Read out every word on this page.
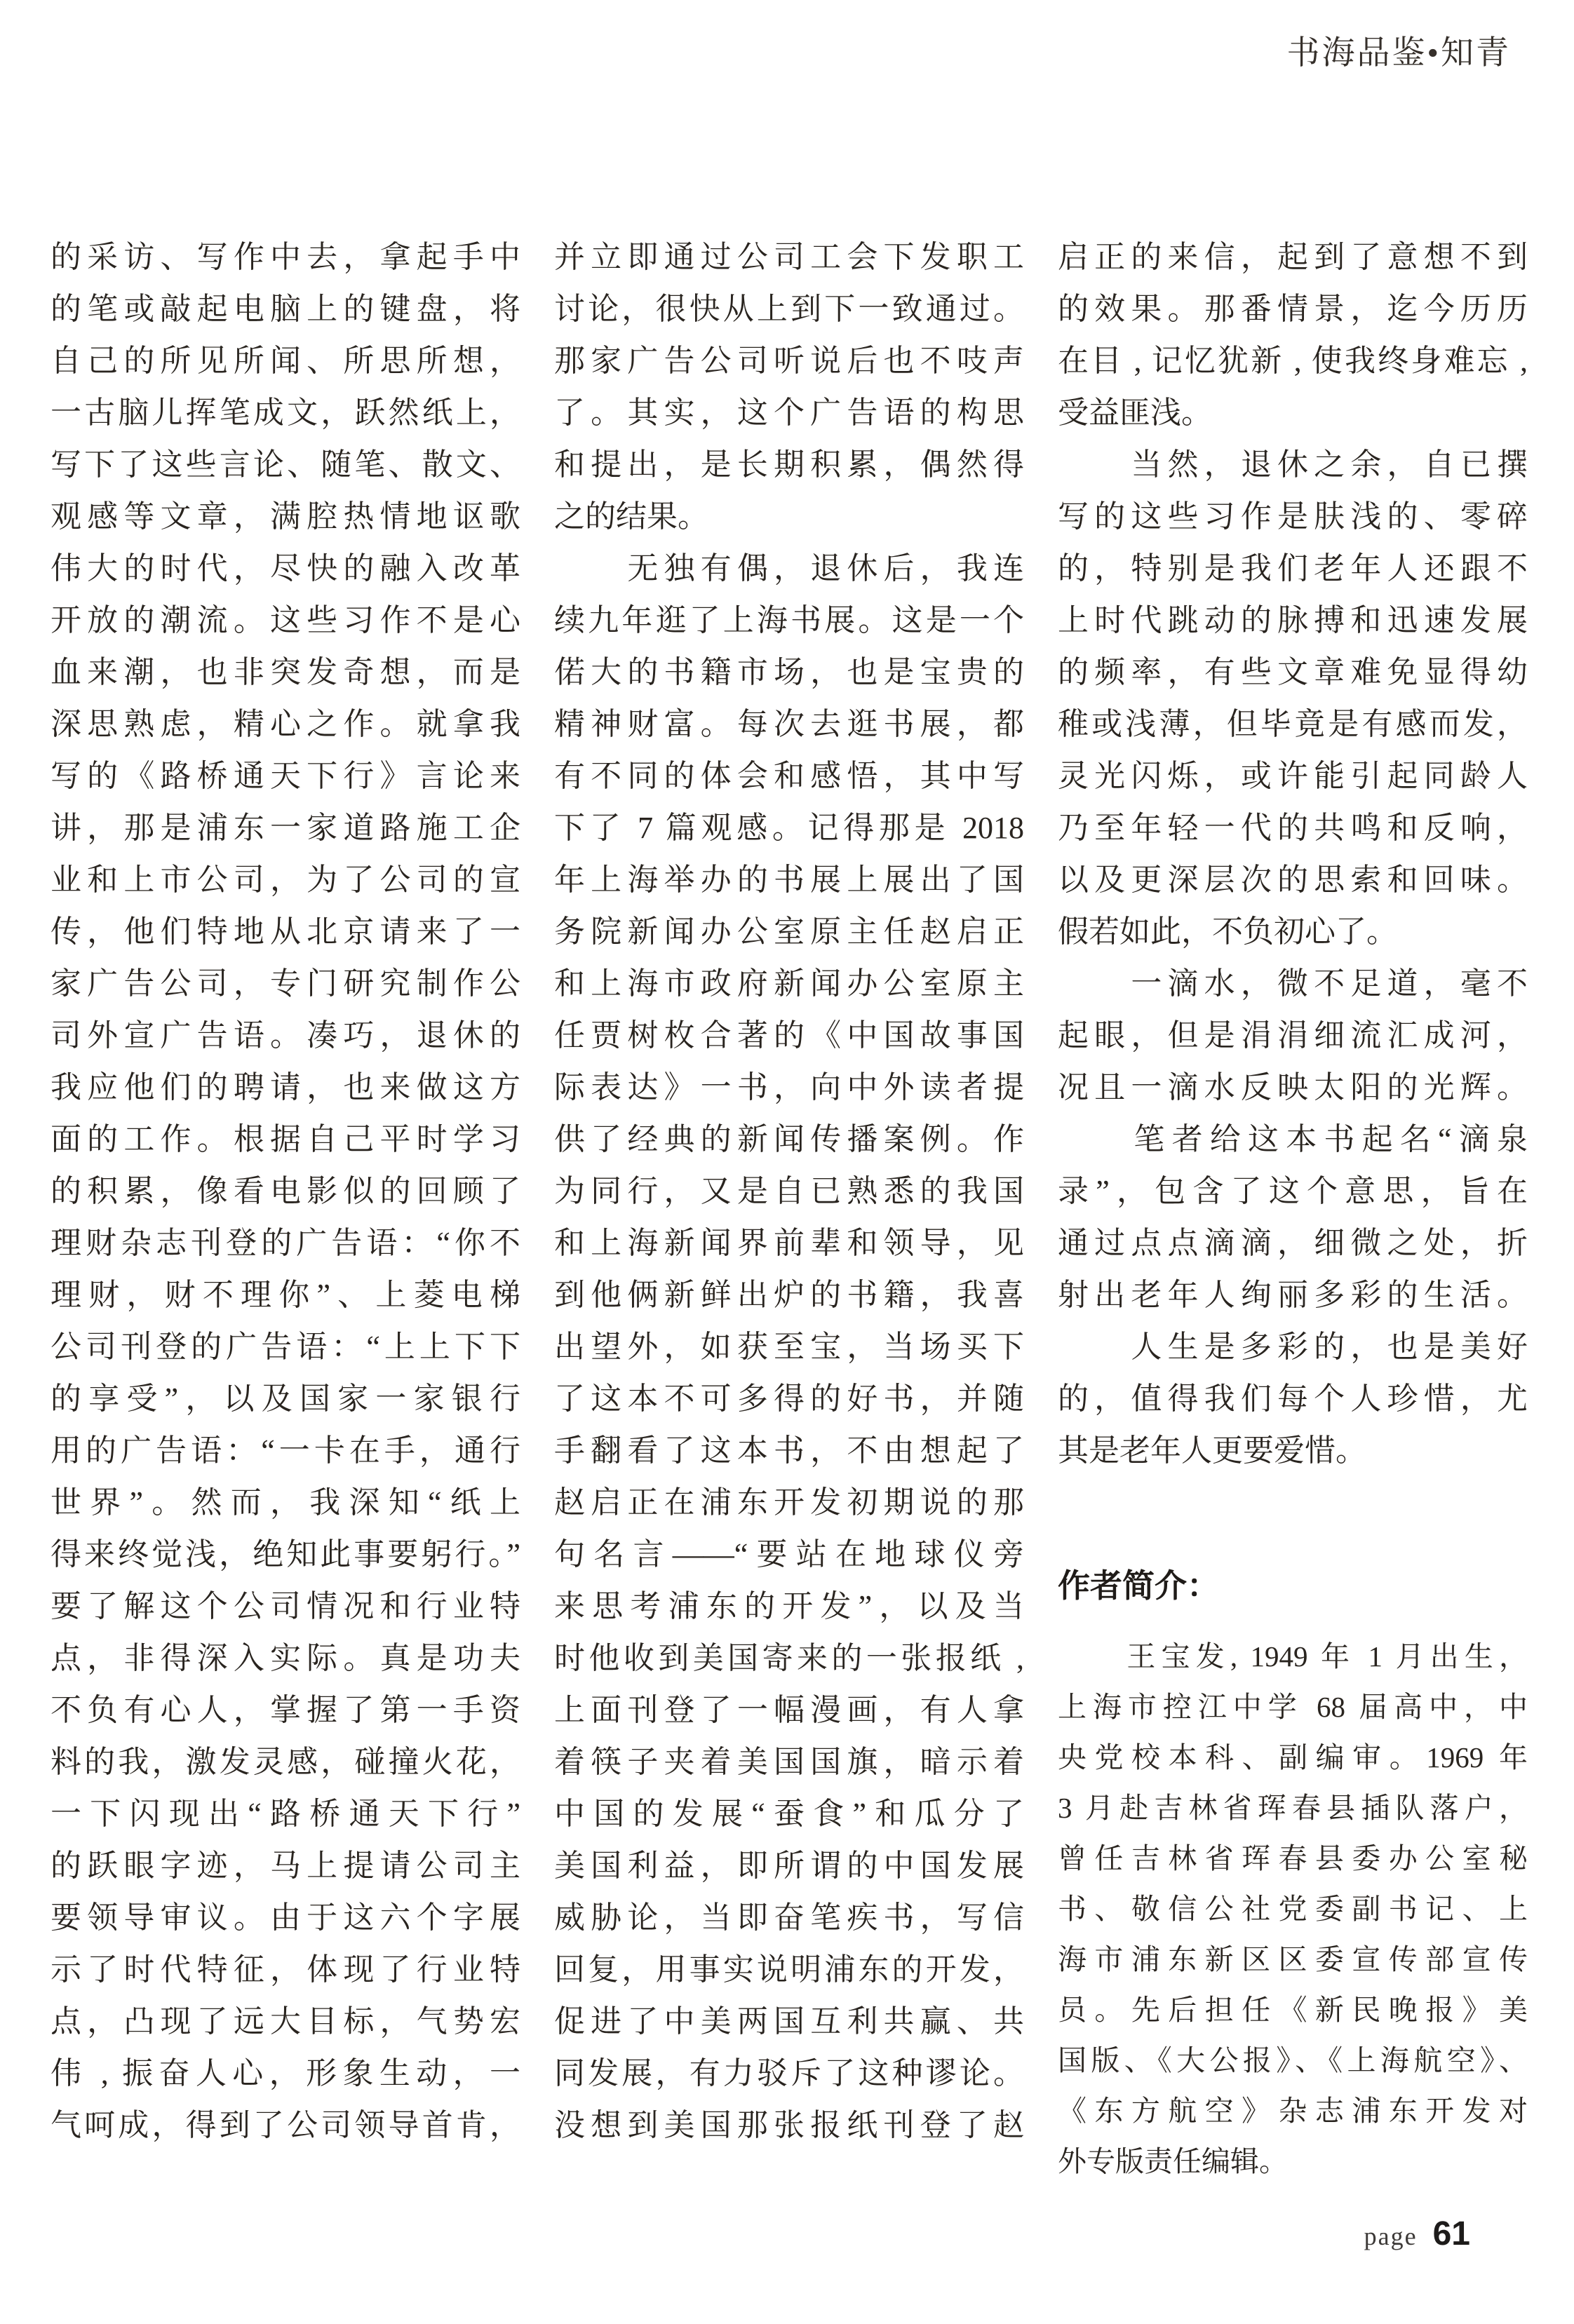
书海品鉴•知青
的采访、写作中去，拿起手中
的笔或敲起电脑上的键盘，将
自己的所见所闻、所思所想，
一古脑儿挥笔成文，跃然纸上，
写下了这些言论、随笔、散文、
观感等文章，满腔热情地讴歌
伟大的时代，尽快的融入改革
开放的潮流。这些习作不是心
血来潮，也非突发奇想，而是
深思熟虑，精心之作。就拿我
写的《路桥通天下行》言论来
讲，那是浦东一家道路施工企
业和上市公司，为了公司的宣
传，他们特地从北京请来了一
家广告公司，专门研究制作公
司外宣广告语。凑巧，退休的
我应他们的聘请，也来做这方
面的工作。根据自己平时学习
的积累，像看电影似的回顾了
理财杂志刊登的广告语：“你不
理财，财不理你”、上菱电梯
公司刊登的广告语：“上上下下
的享受”，以及国家一家银行
用的广告语：“一卡在手，通行
世界”。然而，我深知“纸上
得来终觉浅，绝知此事要躬行。”
要了解这个公司情况和行业特
点，非得深入实际。真是功夫
不负有心人，掌握了第一手资
料的我，激发灵感，碰撞火花，
一下闪现出“路桥通天下行”
的跃眼字迹，马上提请公司主
要领导审议。由于这六个字展
示了时代特征，体现了行业特
点，凸现了远大目标，气势宏
伟 , 振奋人心，形象生动，一
气呵成，得到了公司领导首肯，
并立即通过公司工会下发职工
讨论，很快从上到下一致通过。
那家广告公司听说后也不吱声
了。其实，这个广告语的构思
和提出，是长期积累，偶然得
之的结果。
　　无独有偶，退休后，我连
续九年逛了上海书展。这是一个
偌大的书籍市场，也是宝贵的
精神财富。每次去逛书展，都
有不同的体会和感悟，其中写
下了 7 篇观感。记得那是 2018
年上海举办的书展上展出了国
务院新闻办公室原主任赵启正
和上海市政府新闻办公室原主
任贾树枚合著的《中国故事国
际表达》一书，向中外读者提
供了经典的新闻传播案例。作
为同行，又是自已熟悉的我国
和上海新闻界前辈和领导，见
到他俩新鲜出炉的书籍，我喜
出望外，如获至宝，当场买下
了这本不可多得的好书，并随
手翻看了这本书，不由想起了
赵启正在浦东开发初期说的那
句名言——“要站在地球仪旁
来思考浦东的开发”，以及当
时他收到美国寄来的一张报纸 ,
上面刊登了一幅漫画，有人拿
着筷子夹着美国国旗，暗示着
中国的发展“蚕食”和瓜分了
美国利益，即所谓的中国发展
威胁论，当即奋笔疾书，写信
回复，用事实说明浦东的开发，
促进了中美两国互利共赢、共
同发展，有力驳斥了这种谬论。
没想到美国那张报纸刊登了赵
启正的来信，起到了意想不到
的效果。那番情景，迄今历历
在目 , 记忆犹新 , 使我终身难忘 ,
受益匪浅。
　　当然，退休之余，自已撰
写的这些习作是肤浅的、零碎
的，特别是我们老年人还跟不
上时代跳动的脉搏和迅速发展
的频率，有些文章难免显得幼
稚或浅薄，但毕竟是有感而发，
灵光闪烁，或许能引起同龄人
乃至年轻一代的共鸣和反响，
以及更深层次的思索和回味。
假若如此，不负初心了。
　　一滴水，微不足道，毫不
起眼，但是涓涓细流汇成河，
况且一滴水反映太阳的光辉。
　　笔者给这本书起名“滴泉
录”，包含了这个意思，旨在
通过点点滴滴，细微之处，折
射出老年人绚丽多彩的生活。
　　人生是多彩的，也是美好
的，值得我们每个人珍惜，尤
其是老年人更要爱惜。
作者简介：
　　王宝发, 1949 年 1 月出生，
上海市控江中学 68 届高中，中
央党校本科、副编审。1969 年
3 月赴吉林省珲春县插队落户，
曾任吉林省珲春县委办公室秘
书、敬信公社党委副书记、上
海市浦东新区区委宣传部宣传
员。先后担任《新民晚报》美
国版、《大公报》、《上海航空》、
《东方航空》杂志浦东开发对
外专版责任编辑。
page 61
